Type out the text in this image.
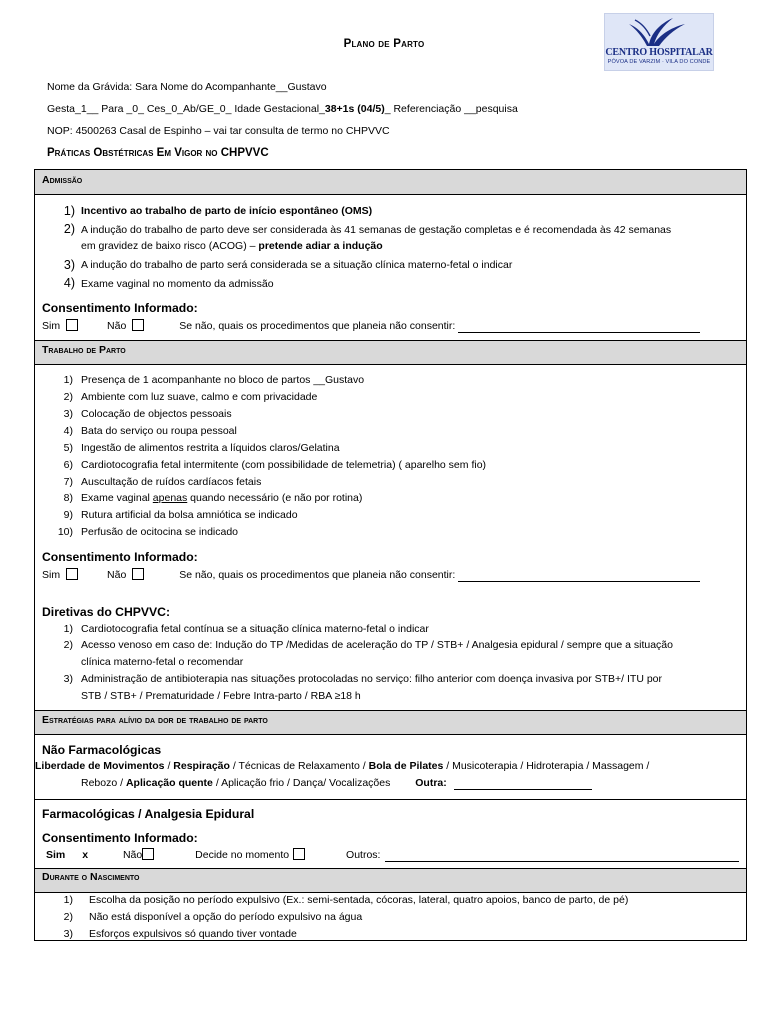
Plano de Parto
CENTRO HOSPITALAR
PÓVOA DE VARZIM · VILA DO CONDE
Nome da Grávida: Sara Nome do Acompanhante__Gustavo
Gesta_1__ Para _0_ Ces_0_Ab/GE_0_ Idade Gestacional_38+1s (04/5)_ Referenciação __pesquisa
NOP: 4500263 Casal de Espinho – vai tar consulta de termo no CHPVVC
Práticas Obstétricas Em Vigor no CHPVVC
Admissão
1) Incentivo ao trabalho de parto de início espontâneo (OMS)
2) A indução do trabalho de parto deve ser considerada às 41 semanas de gestação completas e é recomendada às 42 semanas
em gravidez de baixo risco (ACOG) – pretende adiar a indução
3) A indução do trabalho de parto será considerada se a situação clínica materno-fetal o indicar
4) Exame vaginal no momento da admissão
Consentimento Informado:
Sim	Não	Se não, quais os procedimentos que planeia não consentir:
Trabalho de Parto
1) Presença de 1 acompanhante no bloco de partos __Gustavo
2) Ambiente com luz suave, calmo e com privacidade
3) Colocação de objectos pessoais
4) Bata do serviço ou roupa pessoal
5) Ingestão de alimentos restrita a líquidos claros/Gelatina
6) Cardiotocografia fetal intermitente (com possibilidade de telemetria) ( aparelho sem fio)
7) Auscultação de ruídos cardíacos fetais
8) Exame vaginal apenas quando necessário (e não por rotina)
9) Rutura artificial da bolsa amniótica se indicado
10) Perfusão de ocitocina se indicado
Consentimento Informado:
Sim	Não	Se não, quais os procedimentos que planeia não consentir:
Diretivas do CHPVVC:
1) Cardiotocografia fetal contínua se a situação clínica materno-fetal o indicar
2) Acesso venoso em caso de: Indução do TP /Medidas de aceleração do TP / STB+ / Analgesia epidural / sempre que a situação
clínica materno-fetal o recomendar
3) Administração de antibioterapia nas situações protocoladas no serviço: filho anterior com doença invasiva por STB+/ ITU por
STB / STB+ / Prematuridade / Febre Intra-parto / RBA ≥18 h
Estratégias para alívio da dor de trabalho de parto
Não Farmacológicas
Liberdade de Movimentos / Respiração / Técnicas de Relaxamento / Bola de Pilates / Musicoterapia / Hidroterapia / Massagem /
Rebozo / Aplicação quente / Aplicação frio / Dança/ Vocalizações Outra:
Farmacológicas / Analgesia Epidural
Consentimento Informado:
Sim x	Não	Decide no momento	Outros:
Durante o Nascimento
1) Escolha da posição no período expulsivo (Ex.: semi-sentada, cócoras, lateral, quatro apoios, banco de parto, de pé)
2) Não está disponível a opção do período expulsivo na água
3) Esforços expulsivos só quando tiver vontade
